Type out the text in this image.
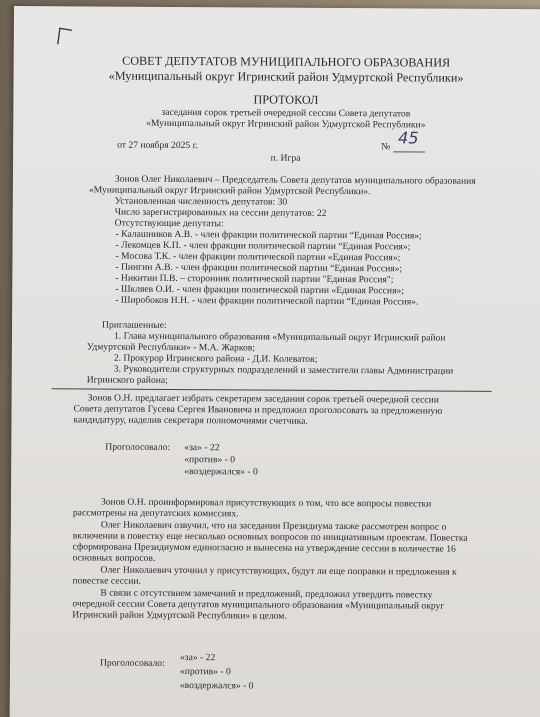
СОВЕТ ДЕПУТАТОВ МУНИЦИПАЛЬНОГО ОБРАЗОВАНИЯ
«Муниципальный округ Игринский район Удмуртской Республики»
ПРОТОКОЛ
заседания сорок третьей очередной сессии Совета депутатов
«Муниципальный округ Игринский район Удмуртской Республики»
от 27 ноября 2025 г.	№ 45
п. Игра
Зонов Олег Николаевич – Председатель Совета депутатов муниципального образования
«Муниципальный округ Игринский район Удмуртской Республики».
Установленная численность депутатов: 30
Число зарегистрированных на сессии депутатов: 22
Отсутствующие депутаты:
- Калашников А.В. - член фракции политической партии “Единая Россия»;
- Лекомцев К.П. - член фракции политической партии “Единая Россия»;
- Мосова Т.К. - член фракции политической партии «Единая Россия»;
- Пингин А.В. - член фракции политической партии “Единая Россия»;
- Никитин П.В. – сторонник политической партии "Единая Россия";
- Шкляев О.И. - член фракции политической партии «Единая Россия»;
- Широбоков Н.Н. - член фракции политической партии “Единая Россия».
Приглашенные:
1. Глава муниципального образования «Муниципальный округ Игринский район
Удмуртской Республики» - М.А. Жарков;
2. Прокурор Игринского района - Д.И. Колеватов;
3. Руководители структурных подразделений и заместители главы Администрации
Игринского района;
Зонов О.Н. предлагает избрать секретарем заседания сорок третьей очередной сессии
Совета депутатов Гусева Сергея Ивановича и предложил проголосовать за предложенную
кандидатуру, наделив секретаря полномочиями счетчика.
Проголосовало: «за» - 22
«против» - 0
«воздержался» - 0
Зонов О.Н. проинформировал присутствующих о том, что все вопросы повестки
рассмотрены на депутатских комиссиях.
Олег Николаевич озвучил, что на заседании Президиума также рассмотрен вопрос о
включении в повестку еще несколько основных вопросов по инициативным проектам. Повестка
сформирована Президиумом единогласно и вынесена на утверждение сессии в количестве 16
основных вопросов.
Олег Николаевич уточнил у присутствующих, будут ли еще поправки и предложения к
повестке сессии.
В связи с отсутствием замечаний и предложений, предложил утвердить повестку
очередной сессии Совета депутатов муниципального образования «Муниципальный округ
Игринский район Удмуртской Республики» в целом.
Проголосовало: «за» - 22
«против» - 0
«воздержался» - 0
